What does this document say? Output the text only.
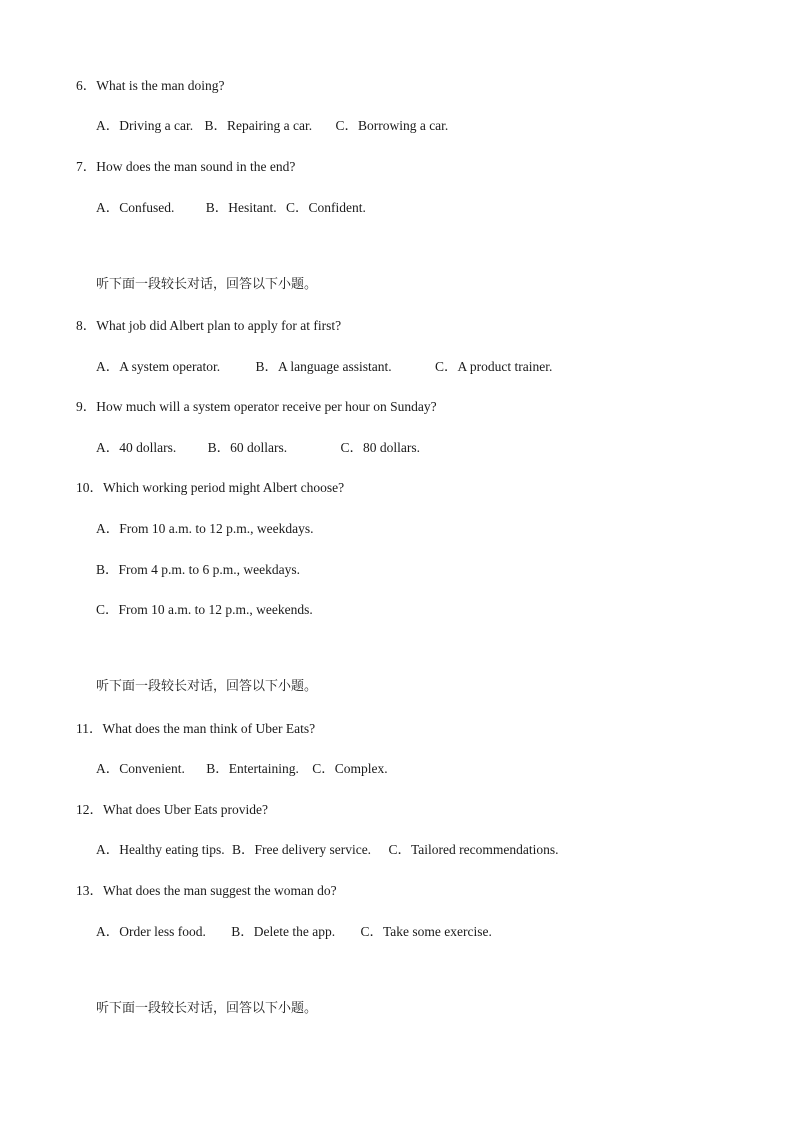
6．What is the man doing?
A．Driving a car. B．Repairing a car. C．Borrowing a car.
7．How does the man sound in the end?
A．Confused. B．Hesitant. C．Confident.
听下面一段较长对话，回答以下小题。
8．What job did Albert plan to apply for at first?
A．A system operator.	B．A language assistant.	C．A product trainer.
9．How much will a system operator receive per hour on Sunday?
A．40 dollars. B．60 dollars.	C．80 dollars.
10．Which working period might Albert choose?
A．From 10 a.m. to 12 p.m., weekdays.
B．From 4 p.m. to 6 p.m., weekdays.
C．From 10 a.m. to 12 p.m., weekends.
听下面一段较长对话，回答以下小题。
11．What does the man think of Uber Eats?
A．Convenient. B．Entertaining. C．Complex.
12．What does Uber Eats provide?
A．Healthy eating tips. B．Free delivery service. C．Tailored recommendations.
13．What does the man suggest the woman do?
A．Order less food. B．Delete the app. C．Take some exercise.
听下面一段较长对话，回答以下小题。
